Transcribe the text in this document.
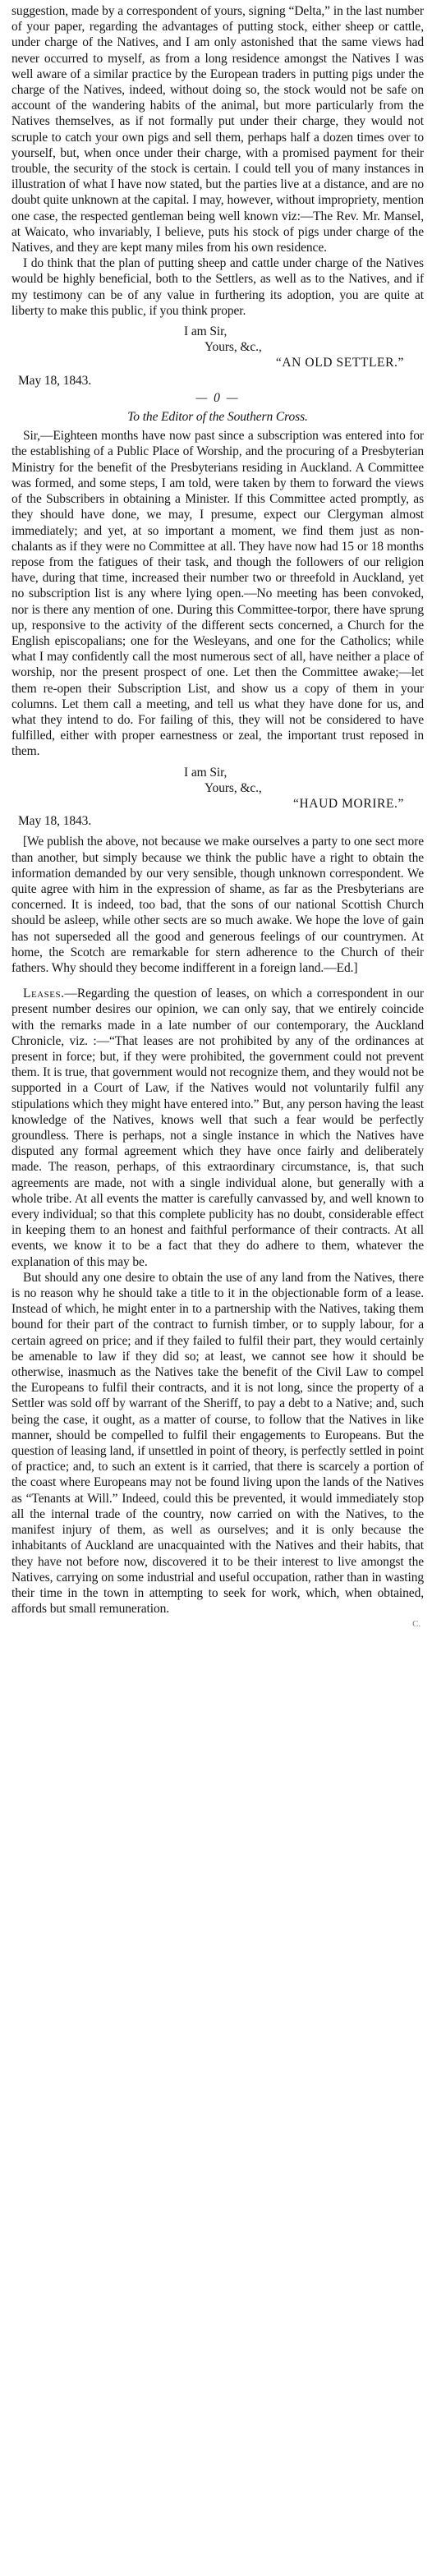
suggestion, made by a correspondent of yours, signing “Delta,” in the last number of your paper, regarding the advantages of putting stock, either sheep or cattle, under charge of the Natives, and I am only astonished that the same views had never occurred to myself, as from a long residence amongst the Natives I was well aware of a similar practice by the European traders in putting pigs under the charge of the Natives, indeed, without doing so, the stock would not be safe on account of the wandering habits of the animal, but more particularly from the Natives themselves, as if not formally put under their charge, they would not scruple to catch your own pigs and sell them, perhaps half a dozen times over to yourself, but, when once under their charge, with a promised payment for their trouble, the security of the stock is certain. I could tell you of many instances in illustration of what I have now stated, but the parties live at a distance, and are no doubt quite unknown at the capital. I may, however, without impropriety, mention one case, the respected gentleman being well known viz:—The Rev. Mr. Mansel, at Waicato, who invariably, I believe, puts his stock of pigs under charge of the Natives, and they are kept many miles from his own residence.

I do think that the plan of putting sheep and cattle under charge of the Natives would be highly beneficial, both to the Settlers, as well as to the Natives, and if my testimony can be of any value in furthering its adoption, you are quite at liberty to make this public, if you think proper.

I am Sir,
Yours, &c.,
“AN OLD SETTLER.”
May 18, 1843.
— 0 —
To the Editor of the Southern Cross.

Sir,—Eighteen months have now past since a subscription was entered into for the establishing of a Public Place of Worship, and the procuring of a Presbyterian Ministry for the benefit of the Presbyterians residing in Auckland. A Committee was formed, and some steps, I am told, were taken by them to forward the views of the Subscribers in obtaining a Minister. If this Committee acted promptly, as they should have done, we may, I presume, expect our Clergyman almost immediately; and yet, at so important a moment, we find them just as non-chalants as if they were no Committee at all. They have now had 15 or 18 months repose from the fatigues of their task, and though the followers of our religion have, during that time, increased their number two or threefold in Auckland, yet no subscription list is any where lying open.—No meeting has been convoked, nor is there any mention of one. During this Committee-torpor, there have sprung up, responsive to the activity of the different sects concerned, a Church for the English episcopalians; one for the Wesleyans, and one for the Catholics; while what I may confidently call the most numerous sect of all, have neither a place of worship, nor the present prospect of one. Let then the Committee awake;—let them re-open their Subscription List, and show us a copy of them in your columns. Let them call a meeting, and tell us what they have done for us, and what they intend to do. For failing of this, they will not be considered to have fulfilled, either with proper earnestness or zeal, the important trust reposed in them.

I am Sir,
Yours, &c.,
“HAUD MORIRE.”
May 18, 1843.

[We publish the above, not because we make ourselves a party to one sect more than another, but simply because we think the public have a right to obtain the information demanded by our very sensible, though unknown correspondent. We quite agree with him in the expression of shame, as far as the Presbyterians are concerned. It is indeed, too bad, that the sons of our national Scottish Church should be asleep, while other sects are so much awake. We hope the love of gain has not superseded all the good and generous feelings of our countrymen. At home, the Scotch are remarkable for stern adherence to the Church of their fathers. Why should they become indifferent in a foreign land.—Ed.]

Leases.—Regarding the question of leases, on which a correspondent in our present number desires our opinion, we can only say, that we entirely coincide with the remarks made in a late number of our contemporary, the Auckland Chronicle, viz. :—“That leases are not prohibited by any of the ordinances at present in force; but, if they were prohibited, the government could not prevent them. It is true, that government would not recognize them, and they would not be supported in a Court of Law, if the Natives would not voluntarily fulfil any stipulations which they might have entered into.” But, any person having the least knowledge of the Natives, knows well that such a fear would be perfectly groundless. There is perhaps, not a single instance in which the Natives have disputed any formal agreement which they have once fairly and deliberately made. The reason, perhaps, of this extraordinary circumstance, is, that such agreements are made, not with a single individual alone, but generally with a whole tribe. At all events the matter is carefully canvassed by, and well known to every individual; so that this complete publicity has no doubt, considerable effect in keeping them to an honest and faithful performance of their contracts. At all events, we know it to be a fact that they do adhere to them, whatever the explanation of this may be.

But should any one desire to obtain the use of any land from the Natives, there is no reason why he should take a title to it in the objectionable form of a lease. Instead of which, he might enter in to a partnership with the Natives, taking them bound for their part of the contract to furnish timber, or to supply labour, for a certain agreed on price; and if they failed to fulfil their part, they would certainly be amenable to law if they did so; at least, we cannot see how it should be otherwise, inasmuch as the Natives take the benefit of the Civil Law to compel the Europeans to fulfil their contracts, and it is not long, since the property of a Settler was sold off by warrant of the Sheriff, to pay a debt to a Native; and, such being the case, it ought, as a matter of course, to follow that the Natives in like manner, should be compelled to fulfil their engagements to Europeans. But the question of leasing land, if unsettled in point of theory, is perfectly settled in point of practice; and, to such an extent is it carried, that there is scarcely a portion of the coast where Europeans may not be found living upon the lands of the Natives as “Tenants at Will.” Indeed, could this be prevented, it would immediately stop all the internal trade of the country, now carried on with the Natives, to the manifest injury of them, as well as ourselves; and it is only because the inhabitants of Auckland are unacquainted with the Natives and their habits, that they have not before now, discovered it to be their interest to live amongst the Natives, carrying on some industrial and useful occupation, rather than in wasting their time in the town in attempting to seek for work, which, when obtained, affords but small remuneration.

C.
